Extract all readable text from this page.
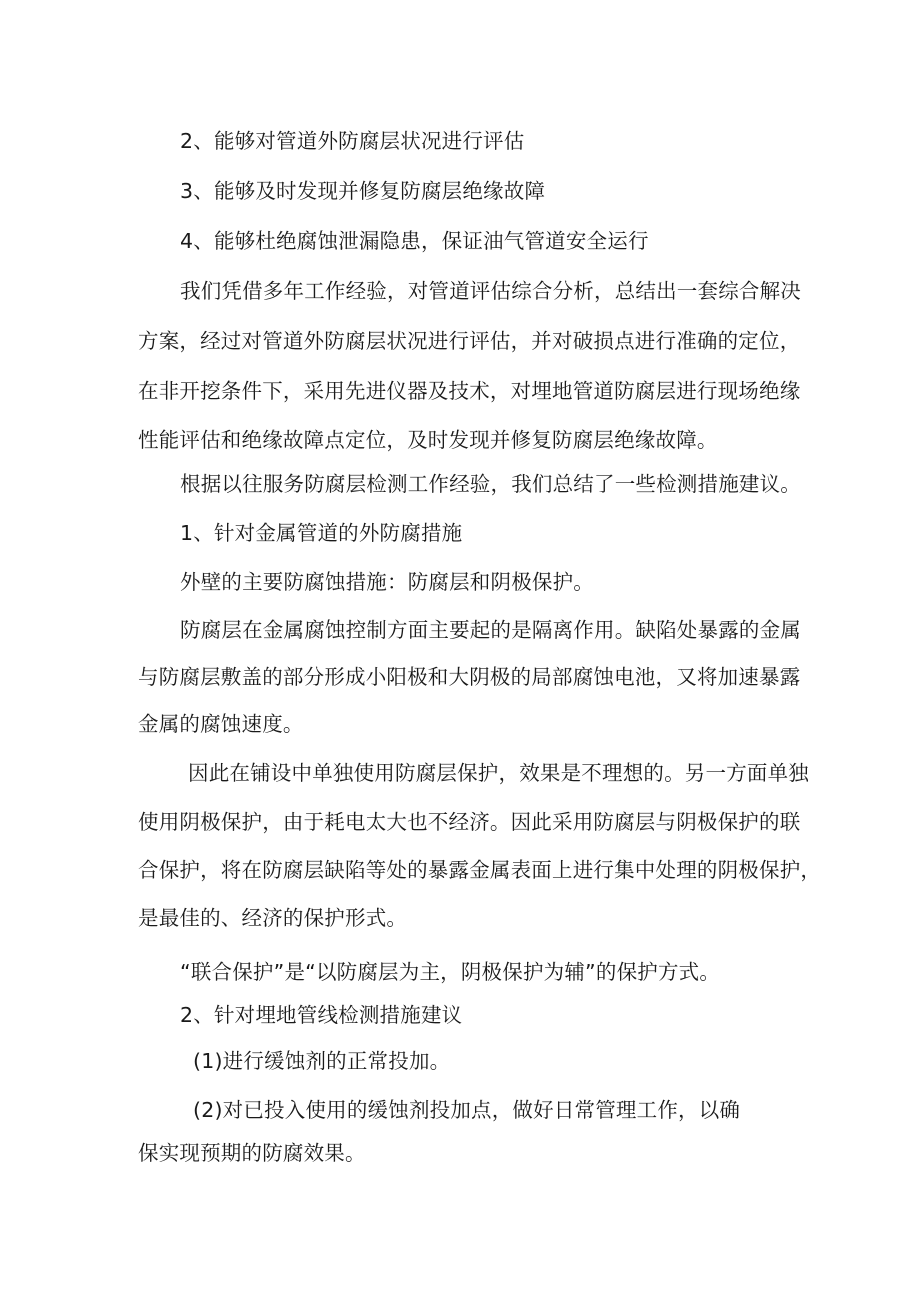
2、能够对管道外防腐层状况进行评估

3、能够及时发现并修复防腐层绝缘故障

4、能够杜绝腐蚀泄漏隐患，保证油气管道安全运行

我们凭借多年工作经验，对管道评估综合分析，总结出一套综合解决

方案，经过对管道外防腐层状况进行评估，并对破损点进行准确的定位，

在非开挖条件下，采用先进仪器及技术，对埋地管道防腐层进行现场绝缘

性能评估和绝缘故障点定位，及时发现并修复防腐层绝缘故障。

根据以往服务防腐层检测工作经验，我们总结了一些检测措施建议。

1、针对金属管道的外防腐措施

外壁的主要防腐蚀措施：防腐层和阴极保护。

防腐层在金属腐蚀控制方面主要起的是隔离作用。缺陷处暴露的金属

与防腐层敷盖的部分形成小阳极和大阴极的局部腐蚀电池，又将加速暴露

金属的腐蚀速度。

因此在铺设中单独使用防腐层保护，效果是不理想的。另一方面单独

使用阴极保护，由于耗电太大也不经济。因此采用防腐层与阴极保护的联

合保护，将在防腐层缺陷等处的暴露金属表面上进行集中处理的阴极保护，

是最佳的、经济的保护形式。

“联合保护”是“以防腐层为主，阴极保护为辅”的保护方式。

2、针对埋地管线检测措施建议

(1)进行缓蚀剂的正常投加。

(2)对已投入使用的缓蚀剂投加点，做好日常管理工作，以确

保实现预期的防腐效果。
